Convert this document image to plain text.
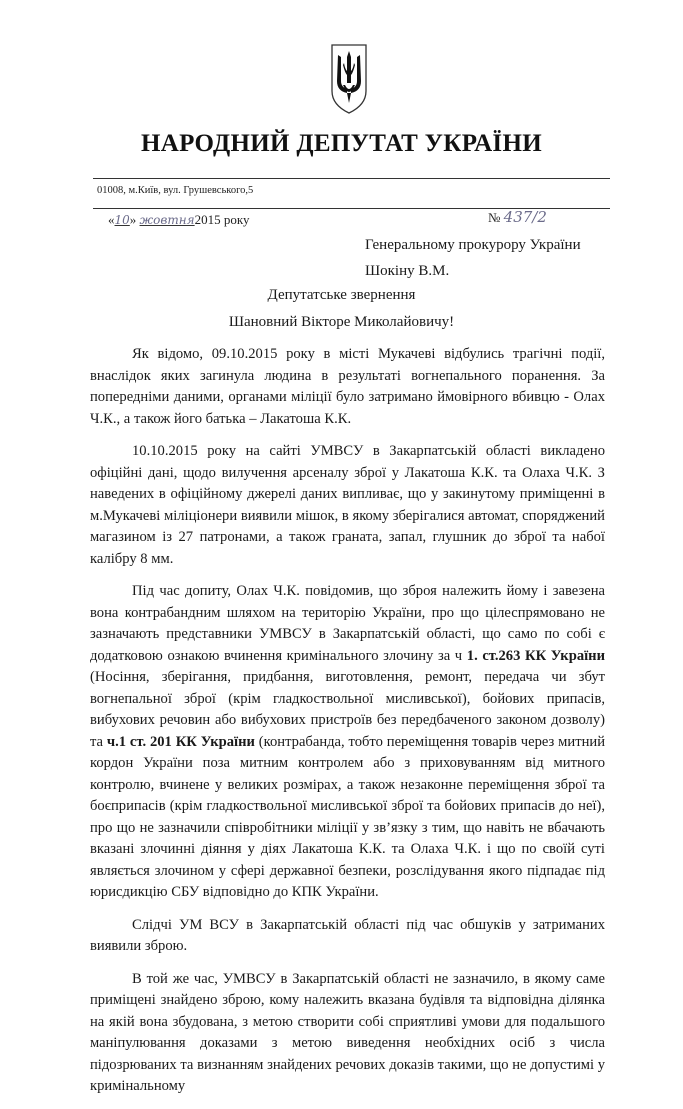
НАРОДНИЙ ДЕПУТАТ УКРАЇНИ
01008, м.Київ, вул. Грушевського,5
«10» жовтня2015 року	№ 437/2
Генеральному прокурору України
Шокіну В.М.
Депутатське звернення
Шановний Вікторе Миколайовичу!

Як відомо, 09.10.2015 року в місті Мукачеві відбулись трагічні події, внаслідок яких загинула людина в результаті вогнепального поранення. За попередніми даними, органами міліції було затримано ймовірного вбивцю - Олах Ч.К., а також його батька – Лакатоша К.К.

10.10.2015 року на сайті УМВСУ в Закарпатській області викладено офіційні дані, щодо вилучення арсеналу зброї у Лакатоша К.К. та Олаха Ч.К. З наведених в офіційному джерелі даних випливає, що у закинутому приміщенні в м.Мукачеві міліціонери виявили мішок, в якому зберігалися автомат, споряджений магазином із 27 патронами, а також граната, запал, глушник до зброї та набої калібру 8 мм.

Під час допиту, Олах Ч.К. повідомив, що зброя належить йому і завезена вона контрабандним шляхом на територію України, про що цілеспрямовано не зазначають представники УМВСУ в Закарпатській області, що само по собі є додатковою ознакою вчинення кримінального злочину за ч 1. ст.263 КК України (Носіння, зберігання, придбання, виготовлення, ремонт, передача чи збут вогнепальної зброї (крім гладкоствольної мисливської), бойових припасів, вибухових речовин або вибухових пристроїв без передбаченого законом дозволу) та ч.1 ст. 201 КК України (контрабанда, тобто переміщення товарів через митний кордон України поза митним контролем або з приховуванням від митного контролю, вчинене у великих розмірах, а також незаконне переміщення зброї та боєприпасів (крім гладкоствольної мисливської зброї та бойових припасів до неї), про що не зазначили співробітники міліції у зв’язку з тим, що навіть не вбачають вказані злочинні діяння у діях Лакатоша К.К. та Олаха Ч.К. і що по своїй суті являється злочином у сфері державної безпеки, розслідування якого підпадає під юрисдикцію СБУ відповідно до КПК України.

Слідчі УМ ВСУ в Закарпатській області під час обшуків у затриманих виявили зброю.

В той же час, УМВСУ в Закарпатській області не зазначило, в якому саме приміщені знайдено зброю, кому належить вказана будівля та відповідна ділянка на якій вона збудована, з метою створити собі сприятливі умови для подальшого маніпулювання доказами з метою виведення необхідних осіб з числа підозрюваних та визнанням знайдених речових доказів такими, що не допустимі у кримінальному
